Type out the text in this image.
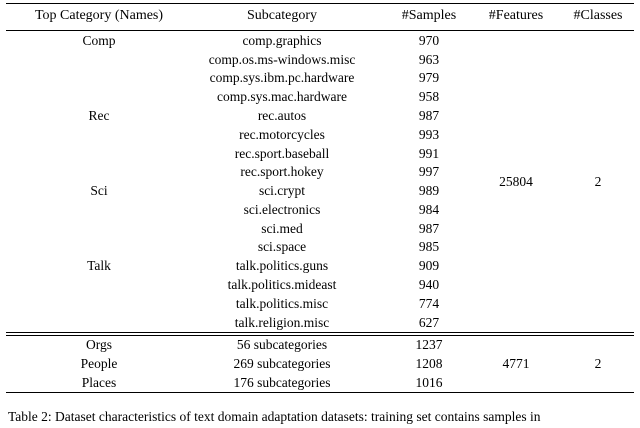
Top Category (Names)	Subcategory	#Samples	#Features	#Classes
Comp	comp.graphics	970	25804	2
	comp.os.ms-windows.misc	963		
	comp.sys.ibm.pc.hardware	979		
	comp.sys.mac.hardware	958		
Rec	rec.autos	987		
	rec.motorcycles	993		
	rec.sport.baseball	991		
	rec.sport.hokey	997		
Sci	sci.crypt	989		
	sci.electronics	984		
	sci.med	987		
	sci.space	985		
Talk	talk.politics.guns	909		
	talk.politics.mideast	940		
	talk.politics.misc	774		
	talk.religion.misc	627		
Orgs	56 subcategories	1237	4771	2
People	269 subcategories	1208		
Places	176 subcategories	1016		
Table 2: Dataset characteristics of text domain adaptation datasets: training set contains samples in
